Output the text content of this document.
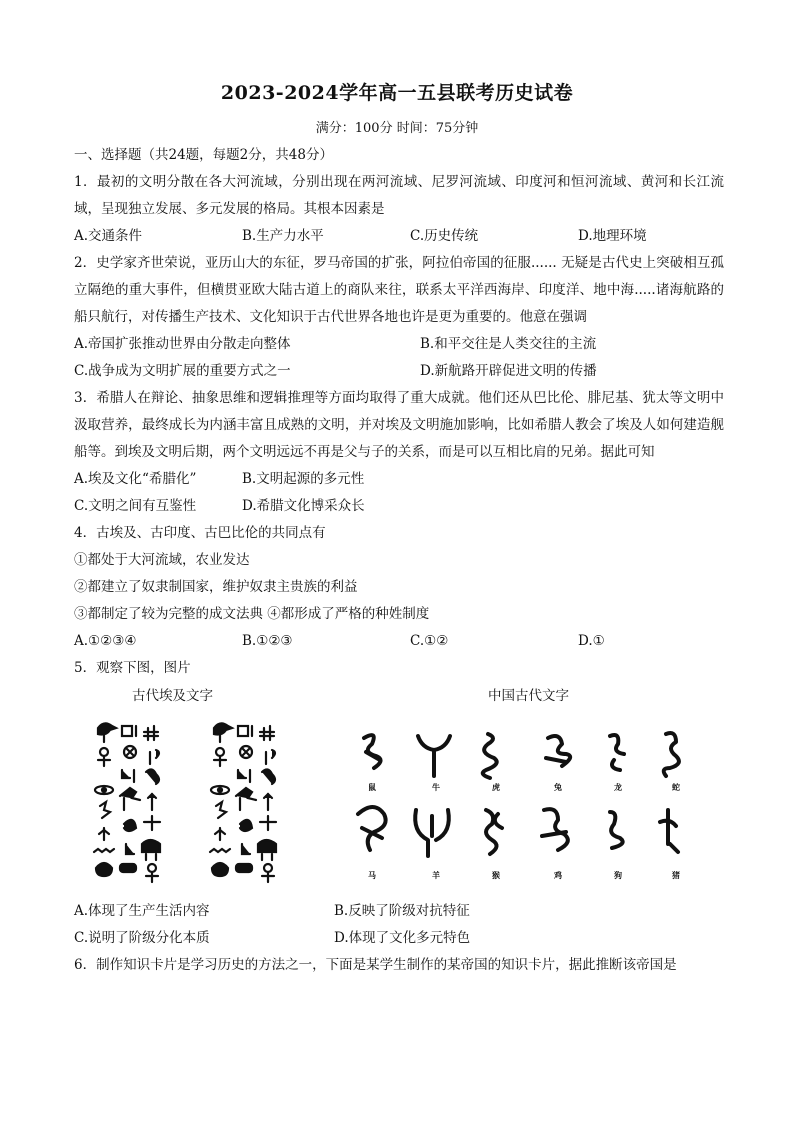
2023-2024学年高一五县联考历史试卷
满分：100分 时间：75分钟
一、选择题（共24题，每题2分，共48分）
1．最初的文明分散在各大河流域，分别出现在两河流域、尼罗河流域、印度河和恒河流域、黄河和长江流域，呈现独立发展、多元发展的格局。其根本因素是
A.交通条件	B.生产力水平	C.历史传统	D.地理环境
2．史学家齐世荣说，亚历山大的东征，罗马帝国的扩张，阿拉伯帝国的征服...... 无疑是古代史上突破相互孤立隔绝的重大事件，但横贯亚欧大陆古道上的商队来往，联系太平洋西海岸、印度洋、地中海.....诸海航路的船只航行，对传播生产技术、文化知识于古代世界各地也许是更为重要的。他意在强调
A.帝国扩张推动世界由分散走向整体	B.和平交往是人类交往的主流
C.战争成为文明扩展的重要方式之一	D.新航路开辟促进文明的传播
3．希腊人在辩论、抽象思维和逻辑推理等方面均取得了重大成就。他们还从巴比伦、腓尼基、犹太等文明中汲取营养，最终成长为内涵丰富且成熟的文明，并对埃及文明施加影响，比如希腊人教会了埃及人如何建造舰船等。到埃及文明后期，两个文明远远不再是父与子的关系，而是可以互相比肩的兄弟。据此可知
A.埃及文化“希腊化”	B.文明起源的多元性
C.文明之间有互鉴性	D.希腊文化博采众长
4．古埃及、古印度、古巴比伦的共同点有
①都处于大河流域，农业发达
②都建立了奴隶制国家，维护奴隶主贵族的利益
③都制定了较为完整的成文法典 ④都形成了严格的种姓制度
A.①②③④	B.①②③	C.①②	D.①
5．观察下图，图片
古代埃及文字	中国古代文字
鼠	牛	虎	兔	龙	蛇
马	羊	猴	鸡	狗	猪
A.体现了生产生活内容	B.反映了阶级对抗特征
C.说明了阶级分化本质	D.体现了文化多元特色
6．制作知识卡片是学习历史的方法之一，下面是某学生制作的某帝国的知识卡片，据此推断该帝国是
